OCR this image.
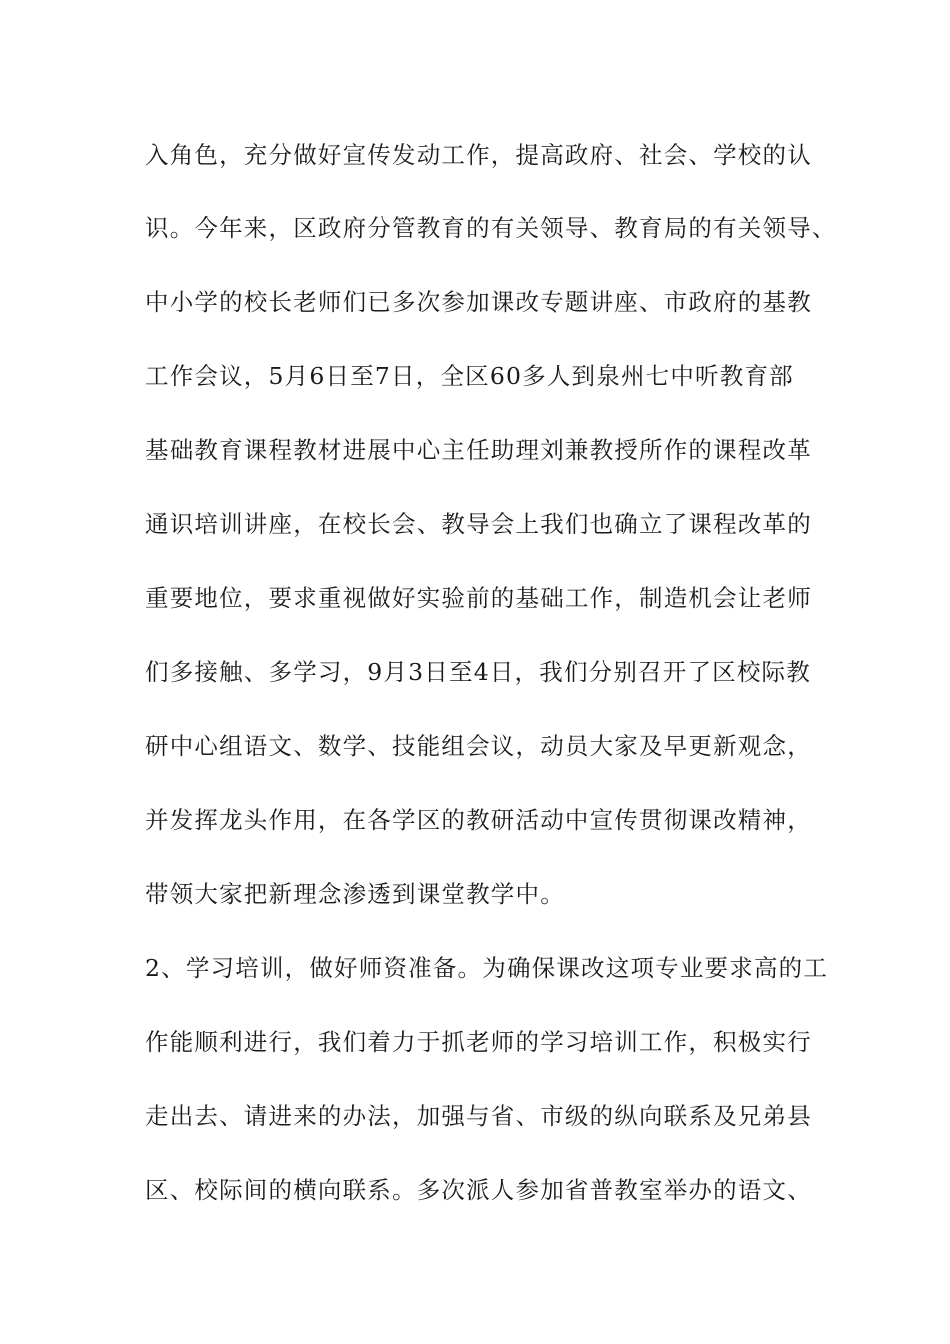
入角色，充分做好宣传发动工作，提高政府、社会、学校的认
识。今年来，区政府分管教育的有关领导、教育局的有关领导、
中小学的校长老师们已多次参加课改专题讲座、市政府的基教
工作会议，5月6日至7日，全区60多人到泉州七中听教育部
基础教育课程教材进展中心主任助理刘兼教授所作的课程改革
通识培训讲座，在校长会、教导会上我们也确立了课程改革的
重要地位，要求重视做好实验前的基础工作，制造机会让老师
们多接触、多学习，9月3日至4日，我们分别召开了区校际教
研中心组语文、数学、技能组会议，动员大家及早更新观念，
并发挥龙头作用，在各学区的教研活动中宣传贯彻课改精神，
带领大家把新理念渗透到课堂教学中。
2、学习培训，做好师资准备。为确保课改这项专业要求高的工
作能顺利进行，我们着力于抓老师的学习培训工作，积极实行
走出去、请进来的办法，加强与省、市级的纵向联系及兄弟县
区、校际间的横向联系。多次派人参加省普教室举办的语文、
